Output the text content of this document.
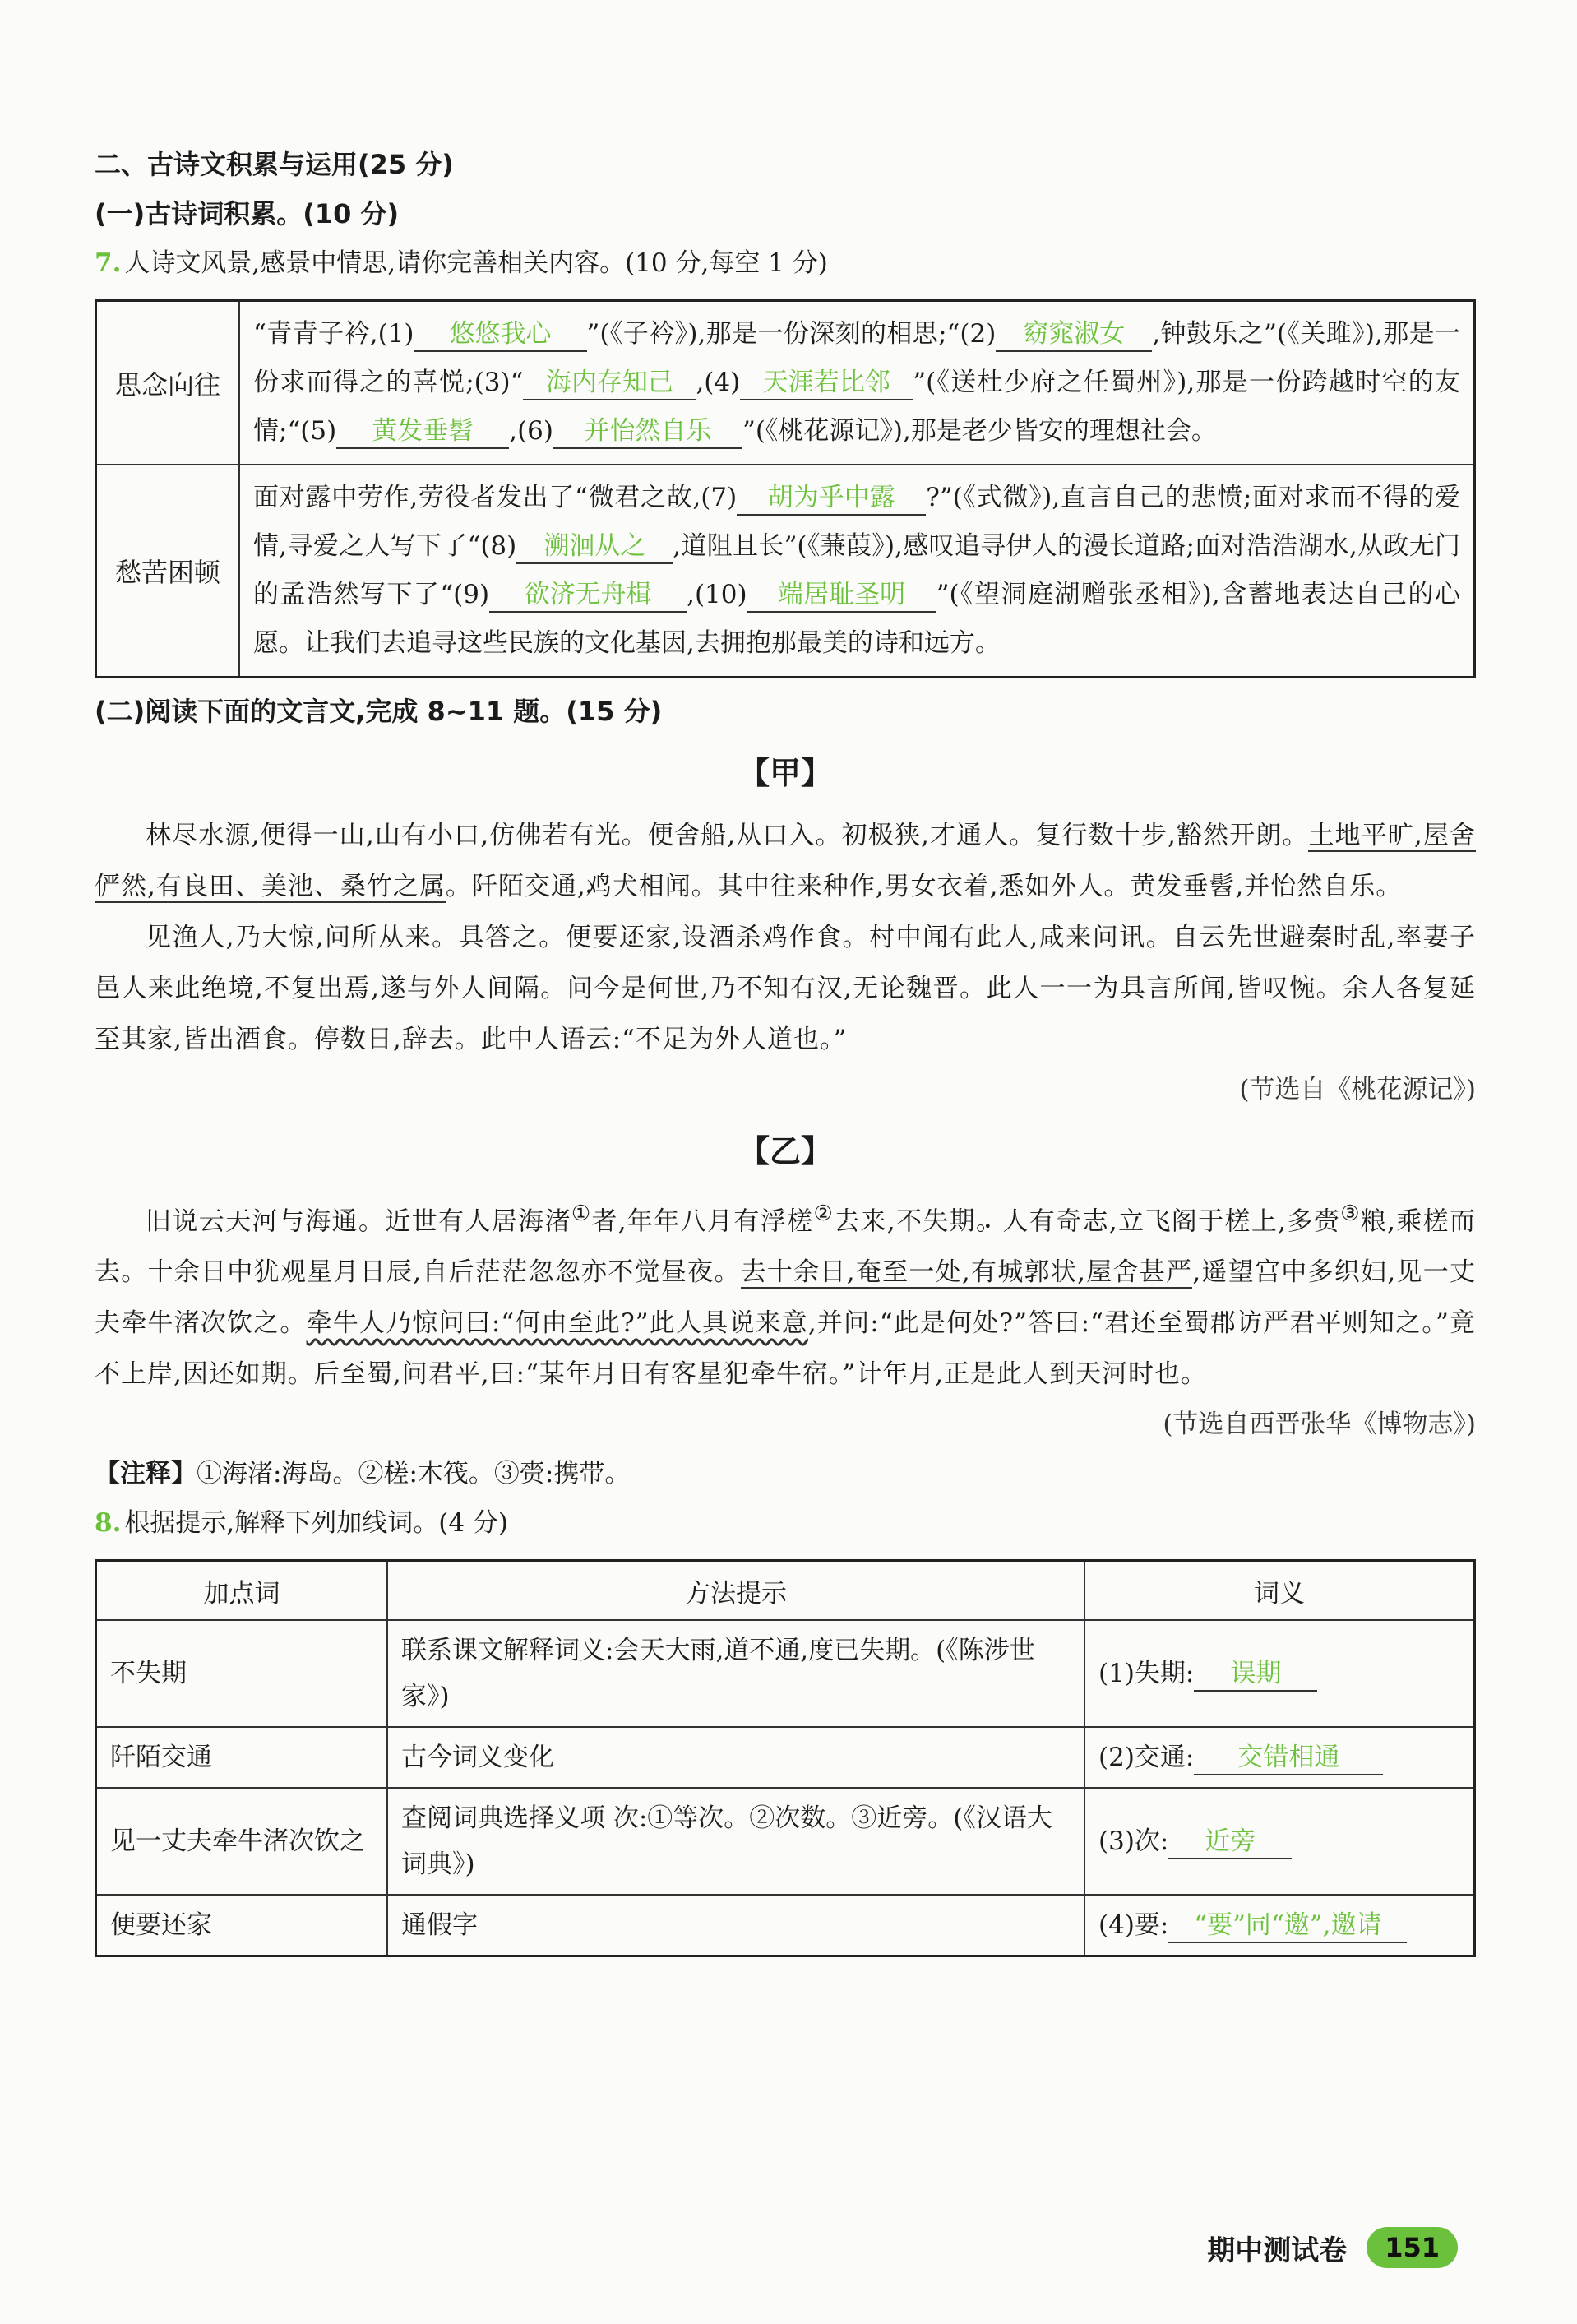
二、古诗文积累与运用(25 分)
(一)古诗词积累。(10 分)
7. 人诗文风景,感景中情思,请你完善相关内容。(10 分,每空 1 分)
思念向往	“青青子衿,(1) 悠悠我心 ”(《子衿》),那是一份深刻的相思;“(2) 窈窕淑女 ,钟鼓乐之”(《关雎》),那是一份求而得之的喜悦;(3)“ 海内存知己 ,(4) 天涯若比邻 ”(《送杜少府之任蜀州》),那是一份跨越时空的友情;“(5) 黄发垂髫 ,(6) 并怡然自乐 ”(《桃花源记》),那是老少皆安的理想社会。
愁苦困顿	面对露中劳作,劳役者发出了“微君之故,(7) 胡为乎中露 ?”(《式微》),直言自己的悲愤;面对求而不得的爱情,寻爱之人写下了“(8) 溯洄从之 ,道阻且长”(《蒹葭》),感叹追寻伊人的漫长道路;面对浩浩湖水,从政无门的孟浩然写下了“(9) 欲济无舟楫 ,(10) 端居耻圣明 ”(《望洞庭湖赠张丞相》),含蓄地表达自己的心愿。让我们去追寻这些民族的文化基因,去拥抱那最美的诗和远方。
(二)阅读下面的文言文,完成 8~11 题。(15 分)
【甲】
林尽水源,便得一山,山有小口,仿佛若有光。便舍船,从口入。初极狭,才通人。复行数十步,豁然开朗。土地平旷,屋舍俨然,有良田、美池、桑竹之属。阡陌交通 •,鸡犬相闻。其中往来种作,男女衣着,悉如外人。黄发垂髫,并怡然自乐。
见渔人,乃大惊,问所从来。具答之。便要 •还家,设酒杀鸡作食。村中闻有此人,咸来问讯。自云先世避秦时乱,率妻子邑人来此绝境,不复出焉,遂与外人间隔。问今是何世,乃不知有汉,无论魏晋。此人一一为具言所闻,皆叹惋。余人各复延至其家,皆出酒食。停数日,辞去。此中人语云:“不足为外人道也。”
(节选自《桃花源记》)
【乙】
旧说云天河与海通。近世有人居海渚①者,年年八月有浮槎②去来,不失期 •。人有奇志,立飞阁于槎上,多赍③粮,乘槎而去。十余日中犹观星月日辰,自后茫茫忽忽亦不觉昼夜。去十余日,奄至一处,有城郭状,屋舍甚严,遥望宫中多织妇,见一丈夫牵牛渚次 •饮之。牵牛人乃惊问曰:“何由至此?”此人具说来意,并问:“此是何处?”答曰:“君还至蜀郡访严君平则知之。”竟不上岸,因还如期。后至蜀,问君平,曰:“某年月日有客星犯牵牛宿。”计年月,正是此人到天河时也。
(节选自西晋张华《博物志》)
【注释】①海渚:海岛。②槎:木筏。③赍:携带。
8. 根据提示,解释下列加线词。(4 分)
加点词	方法提示	词义
不失期	联系课文解释词义:会天大雨,道不通,度已失期。(《陈涉世家》)	(1)失期: 误期
阡陌交通	古今词义变化	(2)交通: 交错相通
见一丈夫牵牛渚次饮之	查阅词典选择义项 次:①等次。②次数。③近旁。(《汉语大词典》)	(3)次: 近旁
便要还家	通假字	(4)要: “要”同“邀”,邀请
期中测试卷	151
